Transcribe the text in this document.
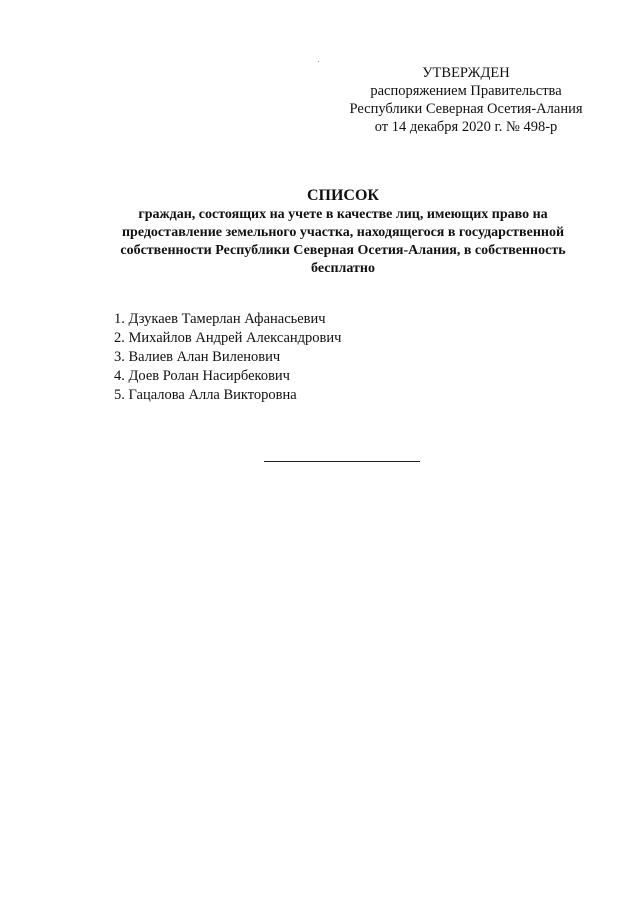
УТВЕРЖДЕН
распоряжением Правительства
Республики Северная Осетия-Алания
от 14 декабря 2020 г. № 498-р
СПИСОК
граждан, состоящих на учете в качестве лиц, имеющих право на
предоставление земельного участка, находящегося в государственной
собственности Республики Северная Осетия-Алания, в собственность
бесплатно
1. Дзукаев Тамерлан Афанасьевич
2. Михайлов Андрей Александрович
3. Валиев Алан Виленович
4. Доев Ролан Насирбекович
5. Гацалова Алла Викторовна
